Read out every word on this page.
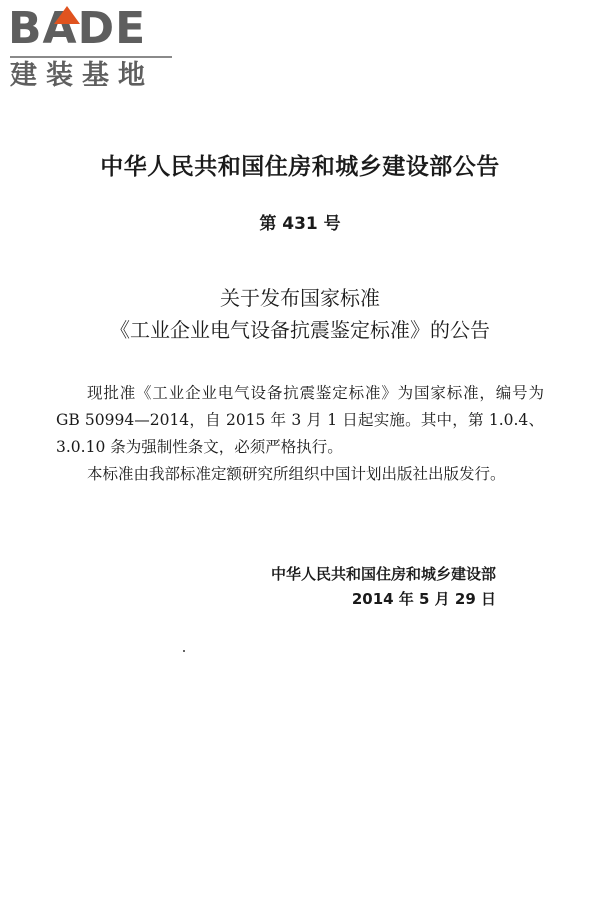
BADE
建装基地
中华人民共和国住房和城乡建设部公告
第 431 号
关于发布国家标准
《工业企业电气设备抗震鉴定标准》的公告

现批准《工业企业电气设备抗震鉴定标准》为国家标准，编号为GB 50994—2014，自 2015 年 3 月 1 日起实施。其中，第 1.0.4、3.0.10 条为强制性条文，必须严格执行。

本标准由我部标准定额研究所组织中国计划出版社出版发行。

中华人民共和国住房和城乡建设部
2014 年 5 月 29 日
